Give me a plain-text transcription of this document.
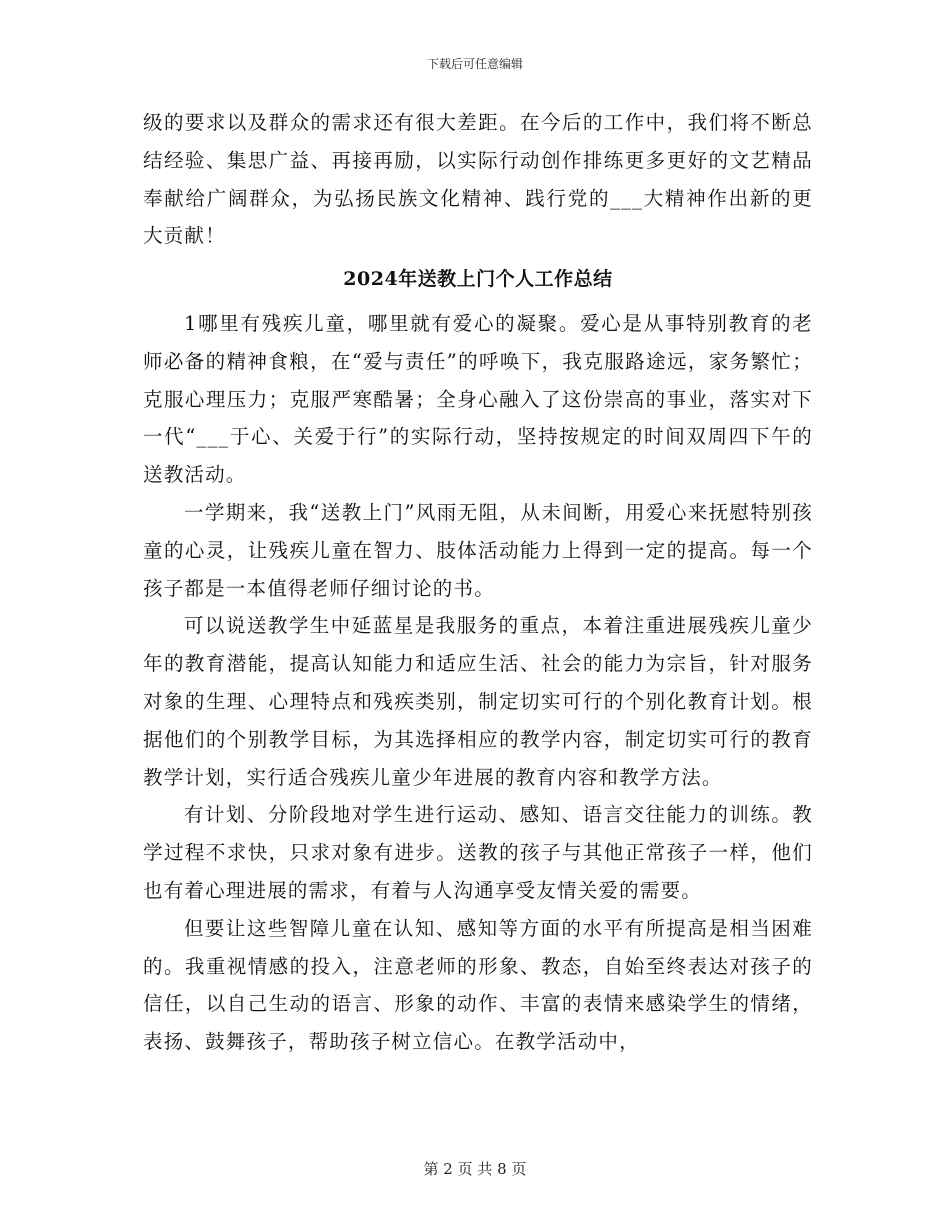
下载后可任意编辑

级的要求以及群众的需求还有很大差距。在今后的工作中，我们将不断总结经验、集思广益、再接再励，以实际行动创作排练更多更好的文艺精品奉献给广阔群众，为弘扬民族文化精神、践行党的___大精神作出新的更大贡献！

2024年送教上门个人工作总结

1哪里有残疾儿童，哪里就有爱心的凝聚。爱心是从事特别教育的老师必备的精神食粮，在“爱与责任”的呼唤下，我克服路途远，家务繁忙；克服心理压力；克服严寒酷暑；全身心融入了这份崇高的事业，落实对下一代“___于心、关爱于行”的实际行动，坚持按规定的时间双周四下午的送教活动。

一学期来，我“送教上门”风雨无阻，从未间断，用爱心来抚慰特别孩童的心灵，让残疾儿童在智力、肢体活动能力上得到一定的提高。每一个孩子都是一本值得老师仔细讨论的书。

可以说送教学生中延蓝星是我服务的重点，本着注重进展残疾儿童少年的教育潜能，提高认知能力和适应生活、社会的能力为宗旨，针对服务对象的生理、心理特点和残疾类别，制定切实可行的个别化教育计划。根据他们的个别教学目标，为其选择相应的教学内容，制定切实可行的教育教学计划，实行适合残疾儿童少年进展的教育内容和教学方法。

有计划、分阶段地对学生进行运动、感知、语言交往能力的训练。教学过程不求快，只求对象有进步。送教的孩子与其他正常孩子一样，他们也有着心理进展的需求，有着与人沟通享受友情关爱的需要。

但要让这些智障儿童在认知、感知等方面的水平有所提高是相当困难的。我重视情感的投入，注意老师的形象、教态，自始至终表达对孩子的信任，以自己生动的语言、形象的动作、丰富的表情来感染学生的情绪，表扬、鼓舞孩子，帮助孩子树立信心。在教学活动中，

第 2 页 共 8 页
